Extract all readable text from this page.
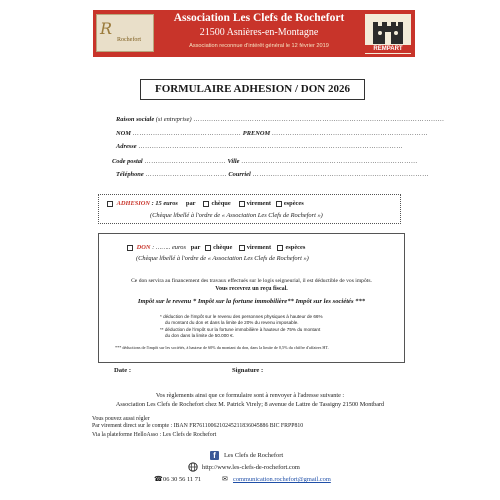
R
Rochefort
Association Les Clefs de Rochefort
21500 Asnières-en-Montagne
Association reconnue d'intérêt général le 12 février 2019	REMPART
FORMULAIRE ADHESION / DON 2026
Raison sociale (si entreprise) …………………………………………………………………………………………………
NOM ………………………………………… PRENOM ……………………………………………………………
Adresse ………………………………………………………………………………………………………
Code postal ……………………………… Ville ……………………………………………………………………
Téléphone ……………………………… Courriel ……………………………………………………………………
ADHESION : 15 euros par	chèque	virement espèces
(Chèque libellé à l'ordre de « Association Les Clefs de Rochefort »)
DON : …….. euros par chèque virement espèces
(Chèque libellé à l'ordre de « Association Les Clefs de Rochefort »)
Ce don servira au financement des travaux effectués sur le logis seigneurial, il est déductible de vos impôts.
Vous recevrez un reçu fiscal.
Impôt sur le revenu * Impôt sur la fortune immobilière** Impôt sur les sociétés ***
* déduction de l'impôt sur le revenu des personnes physiques à hauteur de 66%
du montant du don et dans la limite de 20% du revenu imposable.
** déduction de l'impôt sur la fortune immobilière à hauteur de 75% du montant
du don dans la limite de 50.000 €.
*** déductions de l'impôt sur les sociétés, à hauteur de 60% du montant du don, dans la limite de 0,5% du chiffre d'affaires HT.
Date :	Signature :
Vos règlements ainsi que ce formulaire sont à renvoyer à l'adresse suivante :
Association Les Clefs de Rochefort chez M. Patrick Virely; 8 avenue de Lattre de Tassigny 21500 Montbard
Vous pouvez aussi régler
Par virement direct sur le compte : IBAN FR7611006210245211836045886 BIC FRPP810
Via la plateforme HelloAsso : Les Clefs de Rochefort
f	Les Clefs de Rochefort
http://www.les-clefs-de-rochefort.com
☎ 06 30 56 11 71	✉ communication.rochefort@gmail.com
